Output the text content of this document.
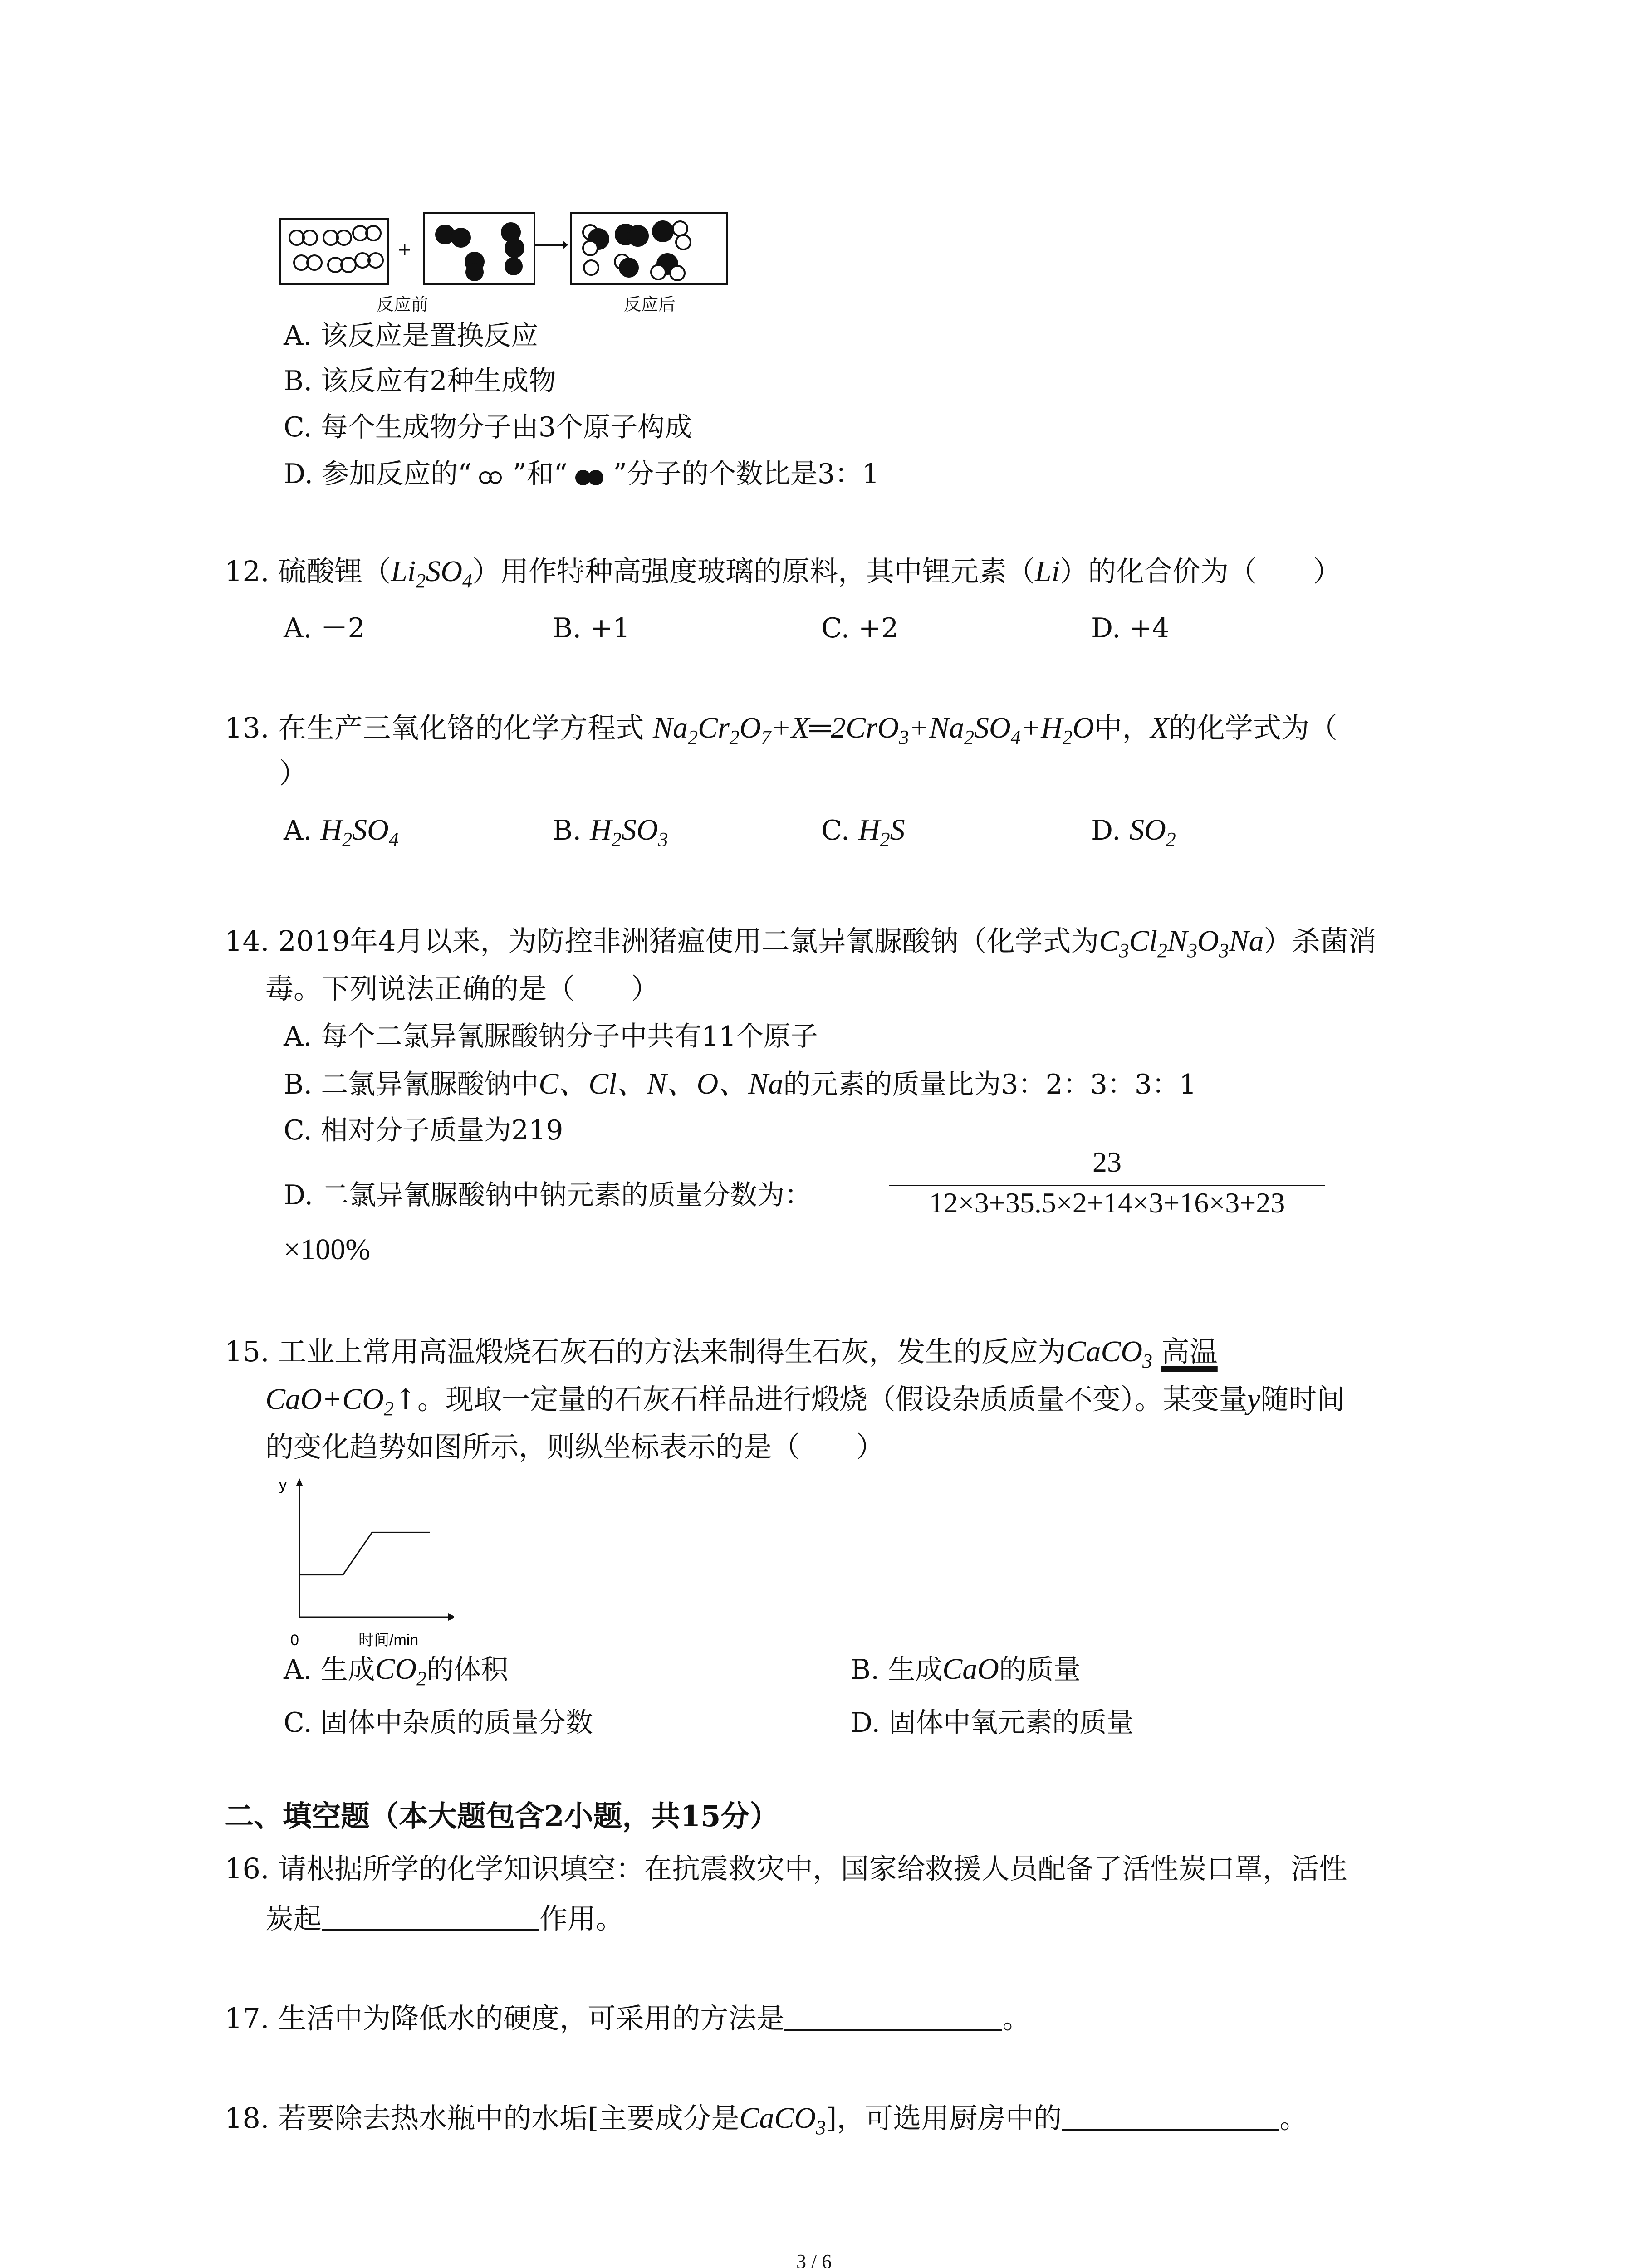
+
反应前	反应后
A. 该反应是置换反应
B. 该反应有2种生成物
C. 每个生成物分子由3个原子构成
D. 参加反应的“ ”和“ ”分子的个数比是3：1
12. 硫酸锂$(Li_2SO_4)$用作特种高强度玻璃的原料，其中锂元素（Li）的化合价为（　　）
A. －2	B. +1	C. +2	D. +4
13. 在生产三氧化铬的化学方程式 $Na_2Cr_2O_7+X═2CrO_3+Na_2SO_4+H_2O$中，X的化学式为（
）
A. $H_2SO_4$	B. $H_2SO_3$	C. $H_2S$	D. $SO_2$
14. 2019年4月以来，为防控非洲猪瘟使用二氯异氰脲酸钠（化学式为$C_3Cl_2N_3O_3Na$）杀菌消
毒。下列说法正确的是（　　）
A. 每个二氯异氰脲酸钠分子中共有11个原子
B. 二氯异氰脲酸钠中C、Cl、N、O、Na的元素的质量比为3：2：3：3：1
C. 相对分子质量为219
D. 二氯异氰脲酸钠中钠元素的质量分数为：
23
12×3+35.5×2+14×3+16×3+23
×100%
15. 工业上常用高温煅烧石灰石的方法来制得生石灰，发生的反应为CaCO$_3$ 高温
$CaO+CO_2↑$。现取一定量的石灰石样品进行煅烧（假设杂质质量不变）。某变量y随时间
的变化趋势如图所示，则纵坐标表示的是（　　）
y
0	时间/min
A. 生成$CO_2$的体积	B. 生成CaO的质量
C. 固体中杂质的质量分数	D. 固体中氧元素的质量
二、填空题（本大题包含2小题，共15分）
16. 请根据所学的化学知识填空：在抗震救灾中，国家给救援人员配备了活性炭口罩，活性
炭起	作用。
17. 生活中为降低水的硬度，可采用的方法是	。
18. 若要除去热水瓶中的水垢[主要成分是CaCO$_3$]，可选用厨房中的	。
3 / 6
